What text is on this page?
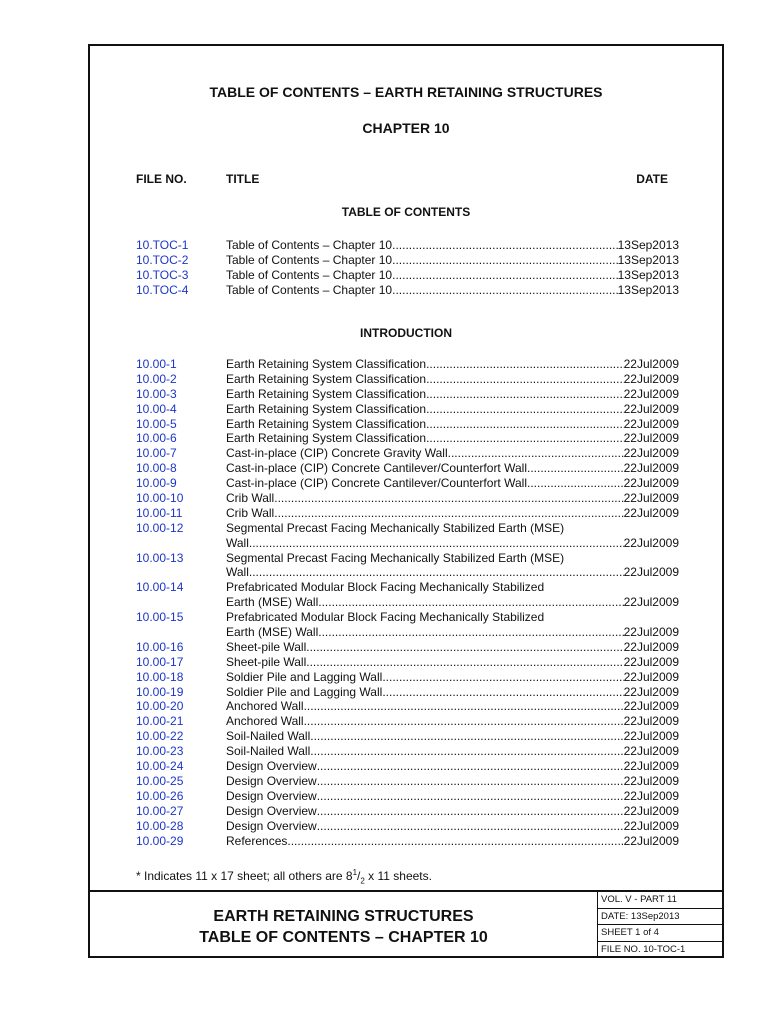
TABLE OF CONTENTS – EARTH RETAINING STRUCTURES
CHAPTER 10
FILE NO.	TITLE	DATE
TABLE OF CONTENTS
10.TOC-1	Table of Contents – Chapter 10 .....	13Sep2013
10.TOC-2	Table of Contents – Chapter 10 .....	13Sep2013
10.TOC-3	Table of Contents – Chapter 10 .....	13Sep2013
10.TOC-4	Table of Contents – Chapter 10 .....	13Sep2013
INTRODUCTION
10.00-1	Earth Retaining System Classification .....	22Jul2009
10.00-2	Earth Retaining System Classification .....	22Jul2009
10.00-3	Earth Retaining System Classification .....	22Jul2009
10.00-4	Earth Retaining System Classification .....	22Jul2009
10.00-5	Earth Retaining System Classification .....	22Jul2009
10.00-6	Earth Retaining System Classification .....	22Jul2009
10.00-7	Cast-in-place (CIP) Concrete Gravity Wall .....	22Jul2009
10.00-8	Cast-in-place (CIP) Concrete Cantilever/Counterfort Wall .....	22Jul2009
10.00-9	Cast-in-place (CIP) Concrete Cantilever/Counterfort Wall .....	22Jul2009
10.00-10	Crib Wall .....	22Jul2009
10.00-11	Crib Wall .....	22Jul2009
10.00-12	Segmental Precast Facing Mechanically Stabilized Earth (MSE)
Wall .....	22Jul2009
10.00-13	Segmental Precast Facing Mechanically Stabilized Earth (MSE)
Wall .....	22Jul2009
10.00-14	Prefabricated Modular Block Facing Mechanically Stabilized
Earth (MSE) Wall .....	22Jul2009
10.00-15	Prefabricated Modular Block Facing Mechanically Stabilized
Earth (MSE) Wall .....	22Jul2009
10.00-16	Sheet-pile Wall .....	22Jul2009
10.00-17	Sheet-pile Wall .....	22Jul2009
10.00-18	Soldier Pile and Lagging Wall .....	22Jul2009
10.00-19	Soldier Pile and Lagging Wall .....	22Jul2009
10.00-20	Anchored Wall .....	22Jul2009
10.00-21	Anchored Wall .....	22Jul2009
10.00-22	Soil-Nailed Wall .....	22Jul2009
10.00-23	Soil-Nailed Wall .....	22Jul2009
10.00-24	Design Overview .....	22Jul2009
10.00-25	Design Overview .....	22Jul2009
10.00-26	Design Overview .....	22Jul2009
10.00-27	Design Overview .....	22Jul2009
10.00-28	Design Overview .....	22Jul2009
10.00-29	References .....	22Jul2009
* Indicates 11 x 17 sheet; all others are $8^1/_2$ x 11 sheets.
EARTH RETAINING STRUCTURES
TABLE OF CONTENTS – CHAPTER 10
VOL. V - PART 11
DATE: 13Sep2013
SHEET 1 of 4
FILE NO. 10-TOC-1
